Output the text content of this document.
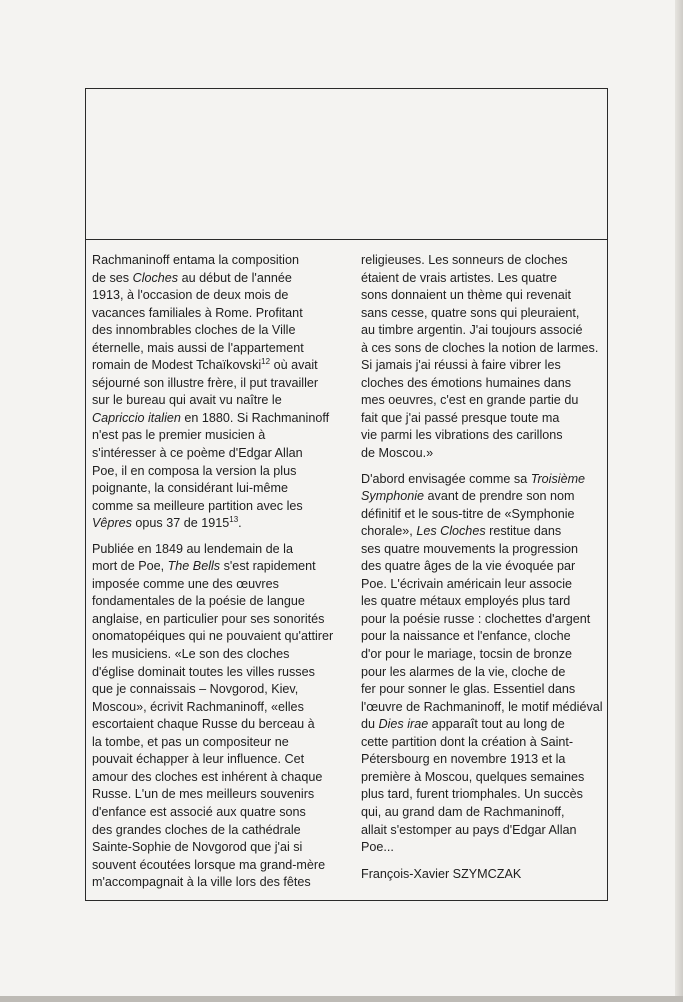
Rachmaninoff entama la composition
de ses Cloches au début de l'année
1913, à l'occasion de deux mois de
vacances familiales à Rome. Profitant
des innombrables cloches de la Ville
éternelle, mais aussi de l'appartement
romain de Modest Tchaïkovski$^{12}$ où avait
séjourné son illustre frère, il put travailler
sur le bureau qui avait vu naître le
Capriccio italien en 1880. Si Rachmaninoff
n'est pas le premier musicien à
s'intéresser à ce poème d'Edgar Allan
Poe, il en composa la version la plus
poignante, la considérant lui-même
comme sa meilleure partition avec les
Vêpres opus 37 de 1915$^{13}$.
Publiée en 1849 au lendemain de la
mort de Poe, The Bells s'est rapidement
imposée comme une des œuvres
fondamentales de la poésie de langue
anglaise, en particulier pour ses sonorités
onomatopéiques qui ne pouvaient qu'attirer
les musiciens. «Le son des cloches
d'église dominait toutes les villes russes
que je connaissais – Novgorod, Kiev,
Moscou», écrivit Rachmaninoff, «elles
escortaient chaque Russe du berceau à
la tombe, et pas un compositeur ne
pouvait échapper à leur influence. Cet
amour des cloches est inhérent à chaque
Russe. L'un de mes meilleurs souvenirs
d'enfance est associé aux quatre sons
des grandes cloches de la cathédrale
Sainte-Sophie de Novgorod que j'ai si
souvent écoutées lorsque ma grand-mère
m'accompagnait à la ville lors des fêtes
religieuses. Les sonneurs de cloches
étaient de vrais artistes. Les quatre
sons donnaient un thème qui revenait
sans cesse, quatre sons qui pleuraient,
au timbre argentin. J'ai toujours associé
à ces sons de cloches la notion de larmes.
Si jamais j'ai réussi à faire vibrer les
cloches des émotions humaines dans
mes oeuvres, c'est en grande partie du
fait que j'ai passé presque toute ma
vie parmi les vibrations des carillons
de Moscou.»
D'abord envisagée comme sa Troisième
Symphonie avant de prendre son nom
définitif et le sous-titre de «Symphonie
chorale», Les Cloches restitue dans
ses quatre mouvements la progression
des quatre âges de la vie évoquée par
Poe. L'écrivain américain leur associe
les quatre métaux employés plus tard
pour la poésie russe : clochettes d'argent
pour la naissance et l'enfance, cloche
d'or pour le mariage, tocsin de bronze
pour les alarmes de la vie, cloche de
fer pour sonner le glas. Essentiel dans
l'œuvre de Rachmaninoff, le motif médiéval
du Dies irae apparaît tout au long de
cette partition dont la création à Saint-
Pétersbourg en novembre 1913 et la
première à Moscou, quelques semaines
plus tard, furent triomphales. Un succès
qui, au grand dam de Rachmaninoff,
allait s'estomper au pays d'Edgar Allan
Poe...
François-Xavier SZYMCZAK
